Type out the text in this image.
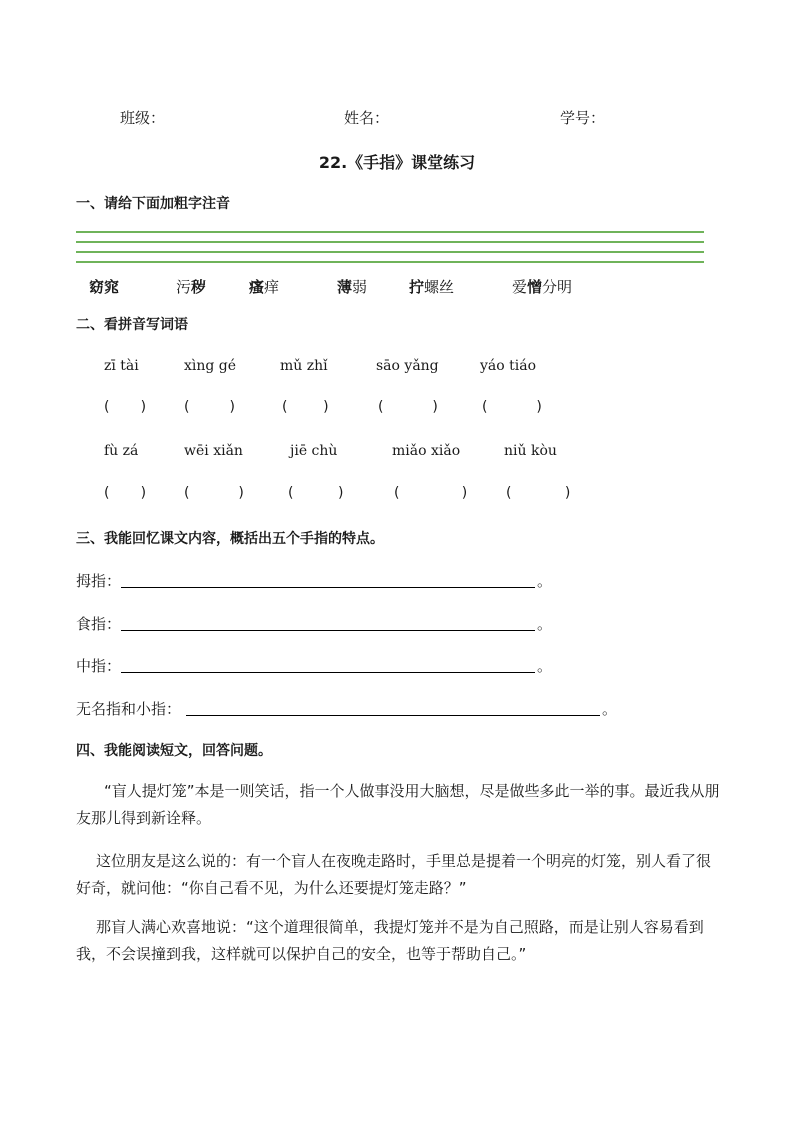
班级：	姓名：	学号：
22.《手指》课堂练习
一、请给下面加粗字注音
窈窕	污秽	瘙痒	薄弱	拧螺丝	爱憎分明
二、看拼音写词语
zī tài	xìng gé	mǔ zhǐ	sāo yǎng	yáo tiáo
(       )	(         )	(        )	(           )	(           )
fù zá	wēi xiǎn	jiē chù	miǎo xiǎo	niǔ kòu
(       )	(           )	(          )	(              )	(            )
三、我能回忆课文内容，概括出五个手指的特点。
拇指：	。
食指：	。
中指：	。
无名指和小指：	。
四、我能阅读短文，回答问题。
“盲人提灯笼”本是一则笑话，指一个人做事没用大脑想，尽是做些多此一举的事。最近我从朋友那儿得到新诠释。
这位朋友是这么说的：有一个盲人在夜晚走路时，手里总是提着一个明亮的灯笼，别人看了很好奇，就问他：“你自己看不见，为什么还要提灯笼走路？”
那盲人满心欢喜地说：“这个道理很简单，我提灯笼并不是为自己照路，而是让别人容易看到我，不会误撞到我，这样就可以保护自己的安全，也等于帮助自己。”
